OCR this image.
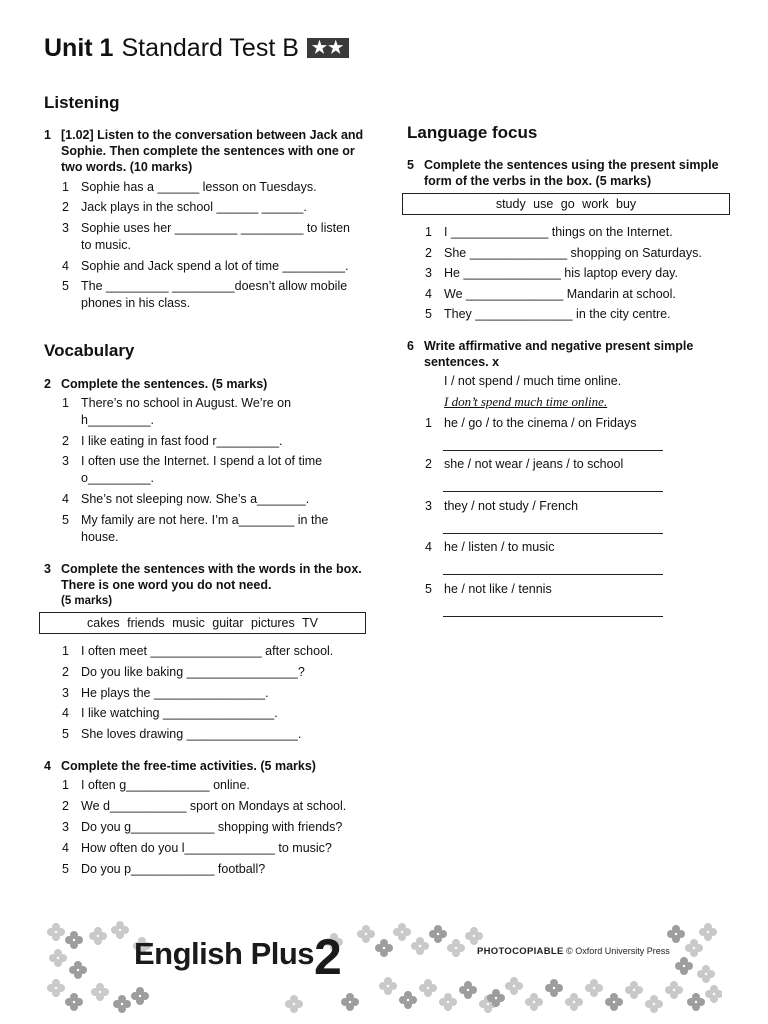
Unit 1 Standard Test B ★★
Listening
1 [1.02] Listen to the conversation between Jack and Sophie. Then complete the sentences with one or two words. (10 marks)
1 Sophie has a ______ lesson on Tuesdays.
2 Jack plays in the school ______ ______.
3 Sophie uses her _________ _________ to listen to music.
4 Sophie and Jack spend a lot of time _________.
5 The _________ _________doesn’t allow mobile phones in his class.
Vocabulary
2 Complete the sentences. (5 marks)
1 There’s no school in August. We’re on h_________.
2 I like eating in fast food r_________.
3 I often use the Internet. I spend a lot of time o_________.
4 She’s not sleeping now. She’s a_______.
5 My family are not here. I’m a________ in the house.
3 Complete the sentences with the words in the box. There is one word you do not need.
(5 marks)
cakes friends music guitar pictures TV
1 I often meet ________________ after school.
2 Do you like baking ________________?
3 He plays the ________________.
4 I like watching ________________.
5 She loves drawing ________________.
4 Complete the free-time activities. (5 marks)
1 I often g____________ online.
2 We d___________ sport on Mondays at school.
3 Do you g____________ shopping with friends?
4 How often do you l_____________ to music?
5 Do you p____________ football?
Language focus
5 Complete the sentences using the present simple form of the verbs in the box. (5 marks)
study use go work buy
1 I ______________ things on the Internet.
2 She ______________ shopping on Saturdays.
3 He ______________ his laptop every day.
4 We ______________ Mandarin at school.
5 They ______________ in the city centre.
6 Write affirmative and negative present simple sentences. x
I / not spend / much time online.
I don’t spend much time online.
1 he / go / to the cinema / on Fridays
2 she / not wear / jeans / to school
3 they / not study / French
4 he / listen / to music
5 he / not like / tennis
English Plus 2	PHOTOCOPIABLE © Oxford University Press
